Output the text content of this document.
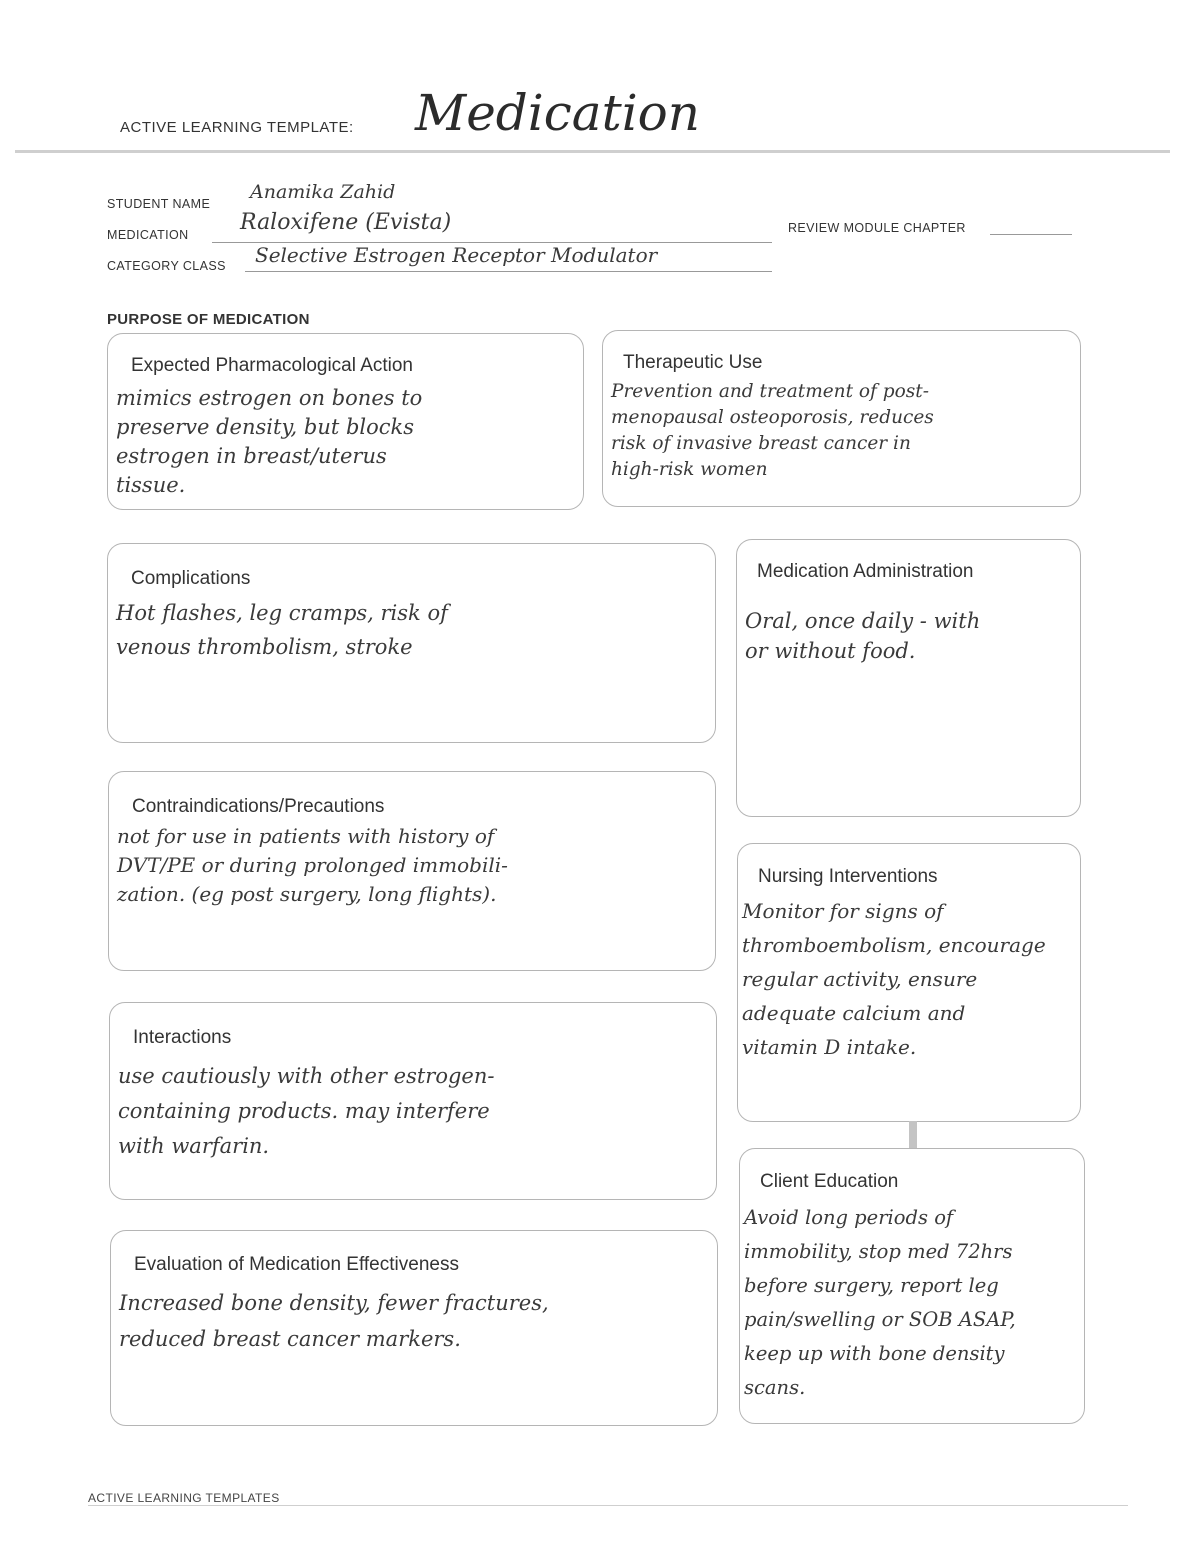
ACTIVE LEARNING TEMPLATE: Medication
STUDENT NAME
Anamika Zahid
MEDICATION Raloxifene (Evista)	REVIEW MODULE CHAPTER
CATEGORY CLASS Selective Estrogen Receptor Modulator
PURPOSE OF MEDICATION
Expected Pharmacological Action
mimics estrogen on bones to
preserve density, but blocks
estrogen in breast/uterus
tissue.
Therapeutic Use
Prevention and treatment of post-
menopausal osteoporosis, reduces
risk of invasive breast cancer in
high-risk women
Complications
Hot flashes, leg cramps, risk of
venous thrombolism, stroke
Medication Administration
Oral, once daily - with
or without food.
Contraindications/Precautions
not for use in patients with history of
DVT/PE or during prolonged immobili-
zation. (eg post surgery, long flights).
Nursing Interventions
Monitor for signs of
thromboembolism, encourage
regular activity, ensure
adequate calcium and
vitamin D intake.
Interactions
use cautiously with other estrogen-
containing products. may interfere
with warfarin.
Client Education
Avoid long periods of
immobility, stop med 72hrs
before surgery, report leg
pain/swelling or SOB ASAP,
keep up with bone density
scans.
Evaluation of Medication Effectiveness
Increased bone density, fewer fractures,
reduced breast cancer markers.
ACTIVE LEARNING TEMPLATES
